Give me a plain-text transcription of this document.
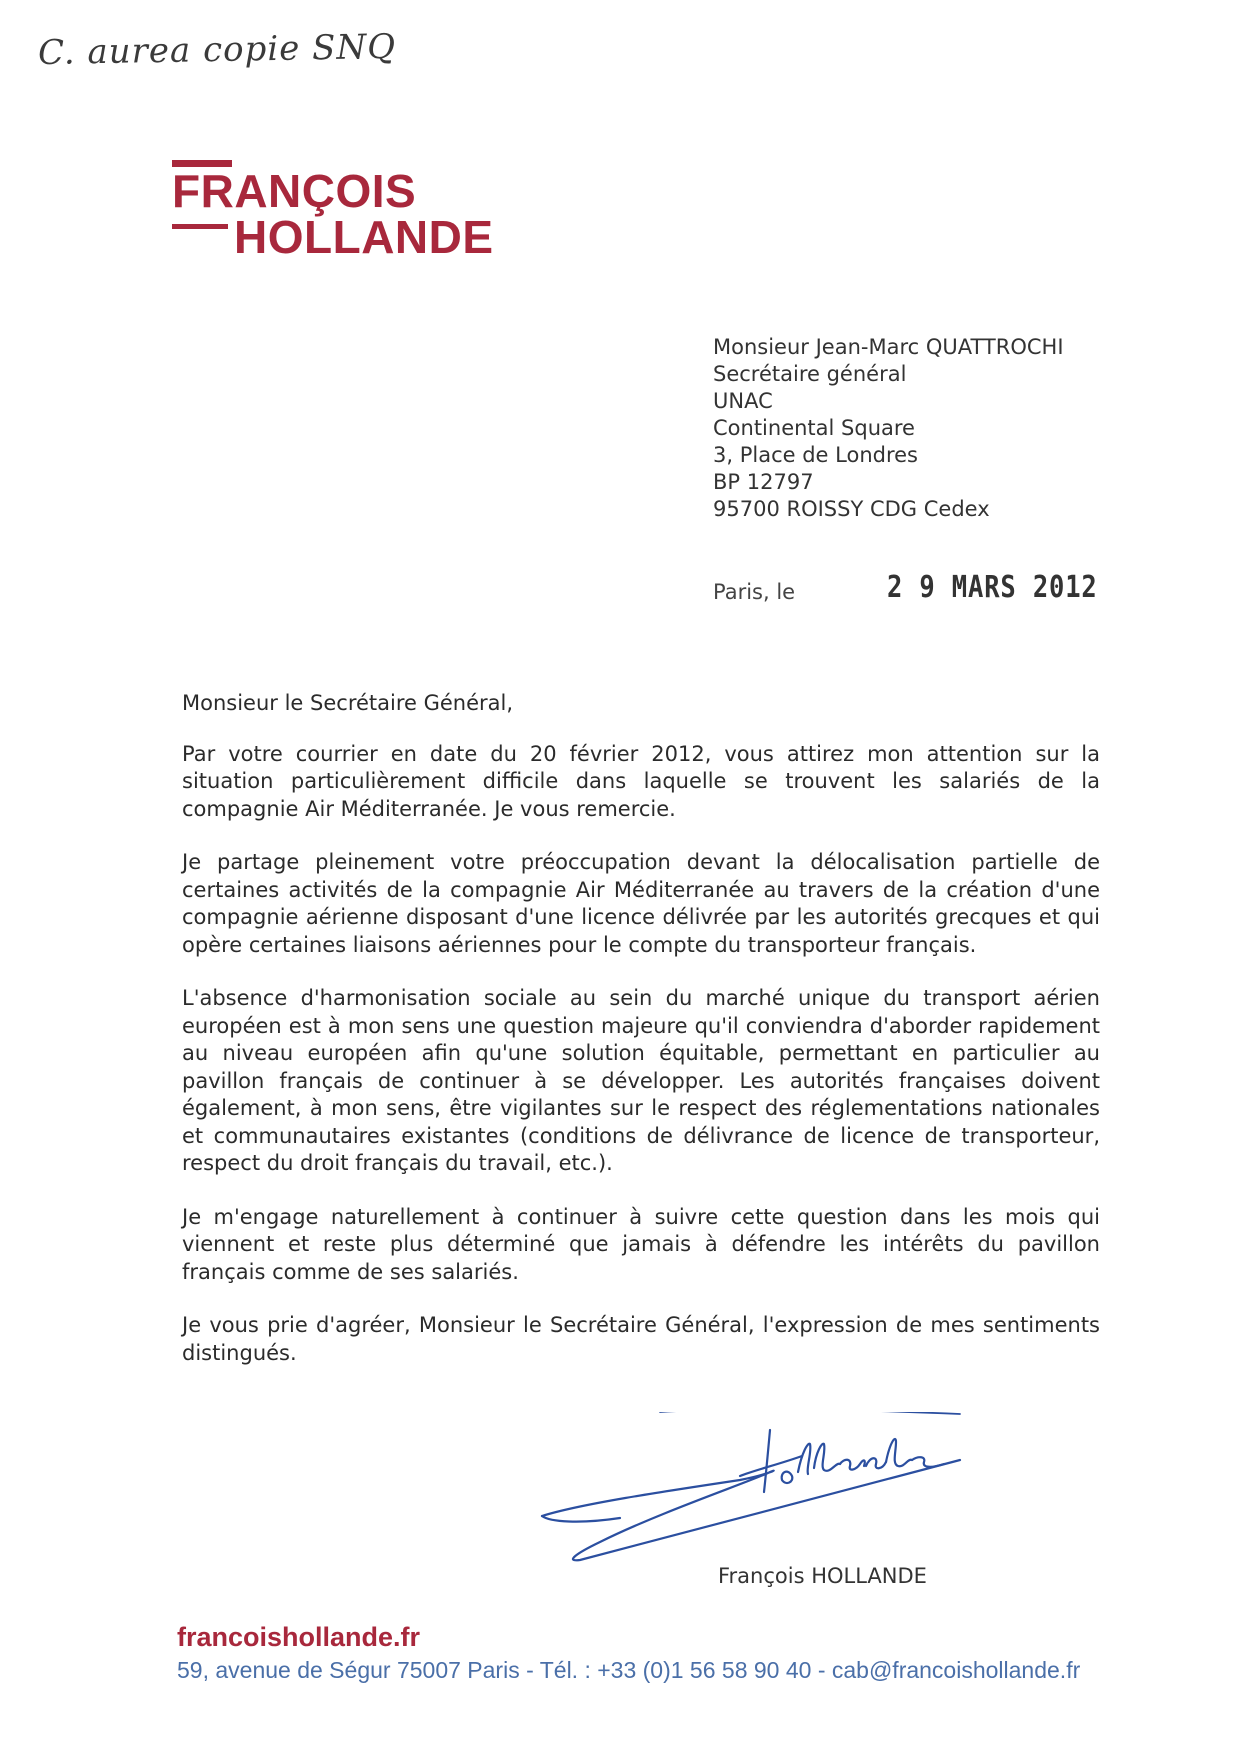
C. aurea copie SNQ
FRANÇOIS
HOLLANDE
Monsieur Jean-Marc QUATTROCHI
Secrétaire général
UNAC
Continental Square
3, Place de Londres
BP 12797
95700 ROISSY CDG Cedex
Paris, le	2 9 MARS 2012

Monsieur le Secrétaire Général,

Par votre courrier en date du 20 février 2012, vous attirez mon attention sur la situation particulièrement difficile dans laquelle se trouvent les salariés de la compagnie Air Méditerranée. Je vous remercie.

Je partage pleinement votre préoccupation devant la délocalisation partielle de certaines activités de la compagnie Air Méditerranée au travers de la création d'une compagnie aérienne disposant d'une licence délivrée par les autorités grecques et qui opère certaines liaisons aériennes pour le compte du transporteur français.

L'absence d'harmonisation sociale au sein du marché unique du transport aérien européen est à mon sens une question majeure qu'il conviendra d'aborder rapidement au niveau européen afin qu'une solution équitable, permettant en particulier au pavillon français de continuer à se développer. Les autorités françaises doivent également, à mon sens, être vigilantes sur le respect des réglementations nationales et communautaires existantes (conditions de délivrance de licence de transporteur, respect du droit français du travail, etc.).

Je m'engage naturellement à continuer à suivre cette question dans les mois qui viennent et reste plus déterminé que jamais à défendre les intérêts du pavillon français comme de ses salariés.

Je vous prie d'agréer, Monsieur le Secrétaire Général, l'expression de mes sentiments distingués.

François HOLLANDE
francoishollande.fr
59, avenue de Ségur 75007 Paris - Tél. : +33 (0)1 56 58 90 40 - cab@francoishollande.fr
